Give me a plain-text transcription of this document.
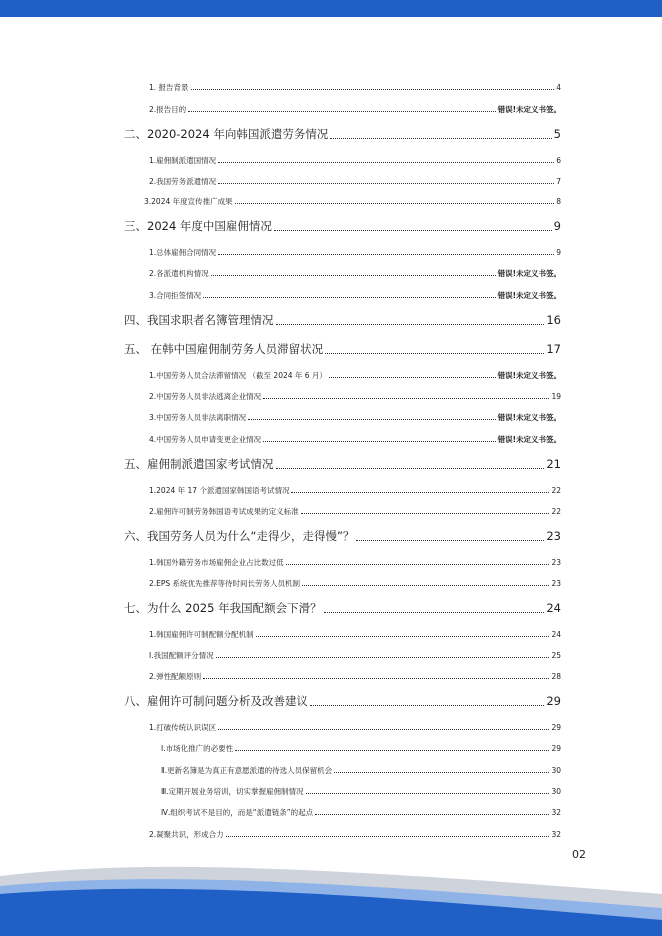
1. 报告背景	4
2.报告目的	错误!未定义书签。
二、2020-2024 年向韩国派遣劳务情况	5
1.雇佣制派遣国情况	6
2.我国劳务派遣情况	7
3.2024 年度宣传推广成果	8
三、2024 年度中国雇佣情况	9
1.总体雇佣合同情况	9
2.各派遣机构情况	错误!未定义书签。
3.合同拒签情况	错误!未定义书签。
四、我国求职者名簿管理情况	16
五、 在韩中国雇佣制劳务人员滞留状况	17
1.中国劳务人员合法滞留情况 （截至 2024 年 6 月）	错误!未定义书签。
2.中国劳务人员非法逃离企业情况	19
3.中国劳务人员非法离职情况	错误!未定义书签。
4.中国劳务人员申请变更企业情况	错误!未定义书签。
五、雇佣制派遣国家考试情况	21
1.2024 年 17 个派遣国家韩国语考试情况	22
2.雇佣许可制劳务韩国语考试成果的定义标准	22
六、我国劳务人员为什么“走得少，走得慢”？	23
1.韩国外籍劳务市场雇佣企业占比数过低	23
2.EPS 系统优先推荐等待时间长劳务人员机制	23
七、为什么 2025 年我国配额会下滑？	24
1.韩国雇佣许可制配额分配机制	24
Ⅰ.我国配额评分情况	25
2.弹性配额原则	28
八、雇佣许可制问题分析及改善建议	29
1.打破传统认识误区	29
Ⅰ.市场化推广的必要性	29
Ⅱ.更新名簿是为真正有意愿派遣的待选人员保留机会	30
Ⅲ.定期开展业务培训，切实掌握雇佣制情况	30
Ⅳ.组织考试不是目的，而是“派遣链条”的起点	32
2.凝聚共识，形成合力	32
02
